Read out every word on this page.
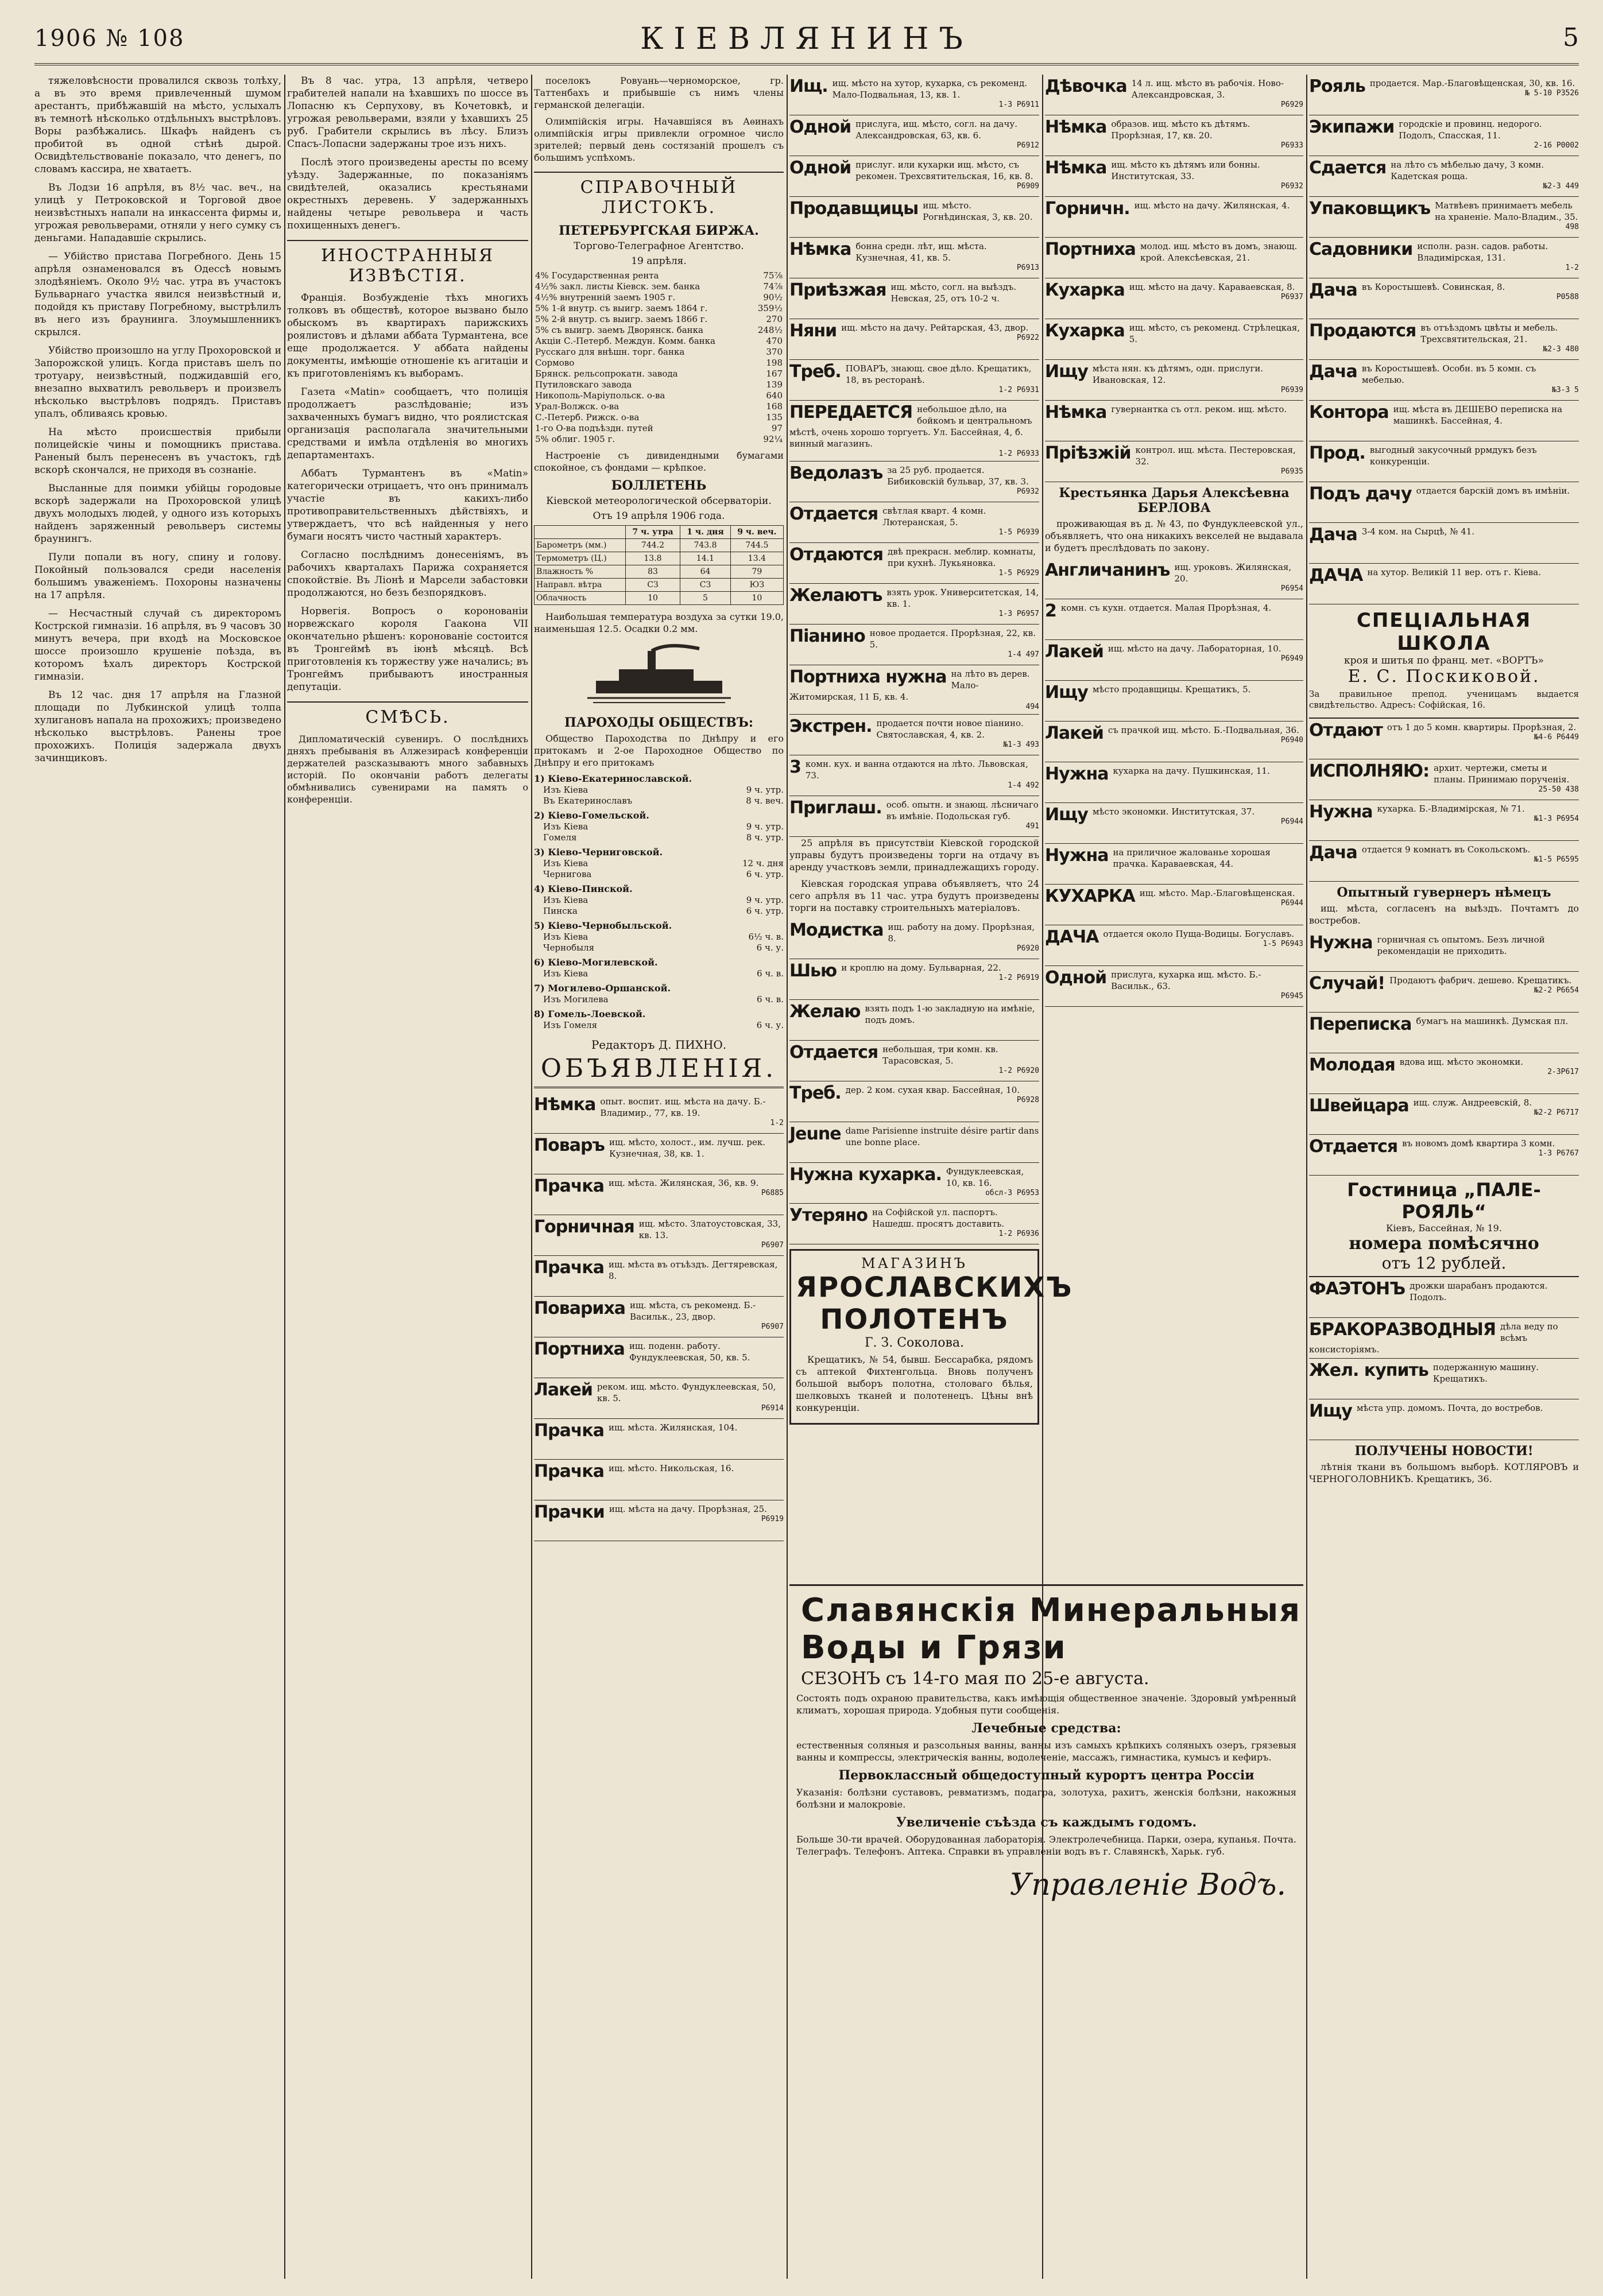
1906 № 108	КІЕВЛЯНИНЪ	5

тяжеловѣсности провалился сквозь толѣху, а въ это время привлеченный шумом арестантъ, прибѣжавшій на мѣсто, услыхалъ въ темнотѣ нѣсколько отдѣльныхъ выстрѣловъ. Воры разбѣжались. Шкафъ найденъ съ пробитой въ одной стѣнѣ дырой. Освидѣтельствованіе показало, что денегъ, по словамъ кассира, не хватаетъ.

Въ Лодзи 16 апрѣля, въ 8½ час. веч., на улицѣ у Петроковской и Торговой двое неизвѣстныхъ напали на инкассента фирмы и, угрожая револьверами, отняли у него сумку съ деньгами. Нападавшіе скрылись.

— Убійство пристава Погребного. День 15 апрѣля ознаменовался въ Одессѣ новымъ злодѣяніемъ. Около 9½ час. утра въ участокъ Бульварнаго участка явился неизвѣстный и, подойдя къ приставу Погребному, выстрѣлилъ въ него изъ браунинга. Злоумышленникъ скрылся.

Убійство произошло на углу Прохоровской и Запорожской улицъ. Когда приставъ шелъ по тротуару, неизвѣстный, поджидавшій его, внезапно выхватилъ револьверъ и произвелъ нѣсколько выстрѣловъ подрядъ. Приставъ упалъ, обливаясь кровью.

На мѣсто происшествія прибыли полицейскіе чины и помощникъ пристава. Раненый былъ перенесенъ въ участокъ, гдѣ вскорѣ скончался, не приходя въ сознаніе.

Высланные для поимки убійцы городовые вскорѣ задержали на Прохоровской улицѣ двухъ молодыхъ людей, у одного изъ которыхъ найденъ заряженный револьверъ системы браунингъ.

Пули попали въ ногу, спину и голову. Покойный пользовался среди населенія большимъ уваженіемъ. Похороны назначены на 17 апрѣля.

— Несчастный случай съ директоромъ Кострской гимназіи. 16 апрѣля, въ 9 часовъ 30 минутъ вечера, при входѣ на Московское шоссе произошло крушеніе поѣзда, въ которомъ ѣхалъ директоръ Кострской гимназіи.

Въ 12 час. дня 17 апрѣля на Глазной площади по Лубкинской улицѣ толпа хулигановъ напала на прохожихъ; произведено нѣсколько выстрѣловъ. Ранены трое прохожихъ. Полиція задержала двухъ зачинщиковъ.

Въ 8 час. утра, 13 апрѣля, четверо грабителей напали на ѣхавшихъ по шоссе въ Лопасню къ Серпухову, въ Кочетовкѣ, и угрожая револьверами, взяли у ѣхавшихъ 25 руб. Грабители скрылись въ лѣсу. Близъ Спасъ-Лопасни задержаны трое изъ нихъ.

Послѣ этого произведены аресты по всему уѣзду. Задержанные, по показаніямъ свидѣтелей, оказались крестьянами окрестныхъ деревень. У задержанныхъ найдены четыре револьвера и часть похищенныхъ денегъ.

ИНОСТРАННЫЯ ИЗВѢСТІЯ.

Франція. Возбужденіе тѣхъ многихъ толковъ въ обществѣ, которое вызвано было обыскомъ въ квартирахъ парижскихъ роялистовъ и дѣлами аббата Турмантена, все еще продолжается. У аббата найдены документы, имѣющіе отношеніе къ агитаціи и къ приготовленіямъ къ выборамъ.

Газета «Matin» сообщаетъ, что полиція продолжаетъ разслѣдованіе; изъ захваченныхъ бумагъ видно, что роялистская организація располагала значительными средствами и имѣла отдѣленія во многихъ департаментахъ.

Аббатъ Турмантенъ въ «Matin» категорически отрицаетъ, что онъ принималъ участіе въ какихъ-либо противоправительственныхъ дѣйствіяхъ, и утверждаетъ, что всѣ найденныя у него бумаги носятъ чисто частный характеръ.

Согласно послѣднимъ донесеніямъ, въ рабочихъ кварталахъ Парижа сохраняется спокойствіе. Въ Ліонѣ и Марсели забастовки продолжаются, но безъ безпорядковъ.

Норвегія. Вопросъ о коронованіи норвежскаго короля Гаакона VII окончательно рѣшенъ: коронованіе состоится въ Тронгеймѣ въ іюнѣ мѣсяцѣ. Всѣ приготовленія къ торжеству уже начались; въ Тронгеймъ прибываютъ иностранныя депутаціи.

СМѢСЬ.

Дипломатическій сувениръ. О послѣднихъ дняхъ пребыванія въ Алжезирасѣ конференціи держателей разсказываютъ много забавныхъ исторій. По окончаніи работъ делегаты обмѣнивались сувенирами на память о конференціи.

поселокъ Ровуань—черноморское, гр. Таттенбахъ и прибывшіе съ нимъ члены германской делегаціи.

Олимпійскія игры. Начавшіяся въ Аѳинахъ олимпійскія игры привлекли огромное число зрителей; первый день состязаній прошелъ съ большимъ успѣхомъ.

СПРАВОЧНЫЙ ЛИСТОКЪ.
ПЕТЕРБУРГСКАЯ БИРЖА.
Торгово-Телеграфное Агентство.
19 апрѣля.
4% Государственная рента	75⅞
4½% закл. листы Кіевск. зем. банка	74⅞
4½% внутренній заемъ 1905 г.	90½
5% 1-й внутр. съ выигр. заемъ 1864 г.	359½
5% 2-й внутр. съ выигр. заемъ 1866 г.	270
5% съ выигр. заемъ Дворянск. банка	248½
Акціи С.-Петерб. Междун. Комм. банка	470
Русскаго для внѣшн. торг. банка	370
Сормово	198
Брянск. рельсопрокатн. завода	167
Путиловскаго завода	139
Никополь-Маріупольск. о-ва	640
Урал-Волжск. о-ва	168
С.-Петерб. Рижск. о-ва	135
1-го О-ва подъѣздн. путей	97
5% облиг. 1905 г.	92¼

Настроеніе съ дивидендными бумагами спокойное, съ фондами — крѣпкое.

БОЛЛЕТЕНЬ
Кіевской метеорологической обсерваторіи.
Отъ 19 апрѣля 1906 года.
	7 ч. утра	1 ч. дня	9 ч. веч.
Барометръ (мм.)	744.2	743.8	744.5
Термометръ (Ц.)	13.8	14.1	13.4
Влажность %	83	64	79
Направл. вѣтра	СЗ	СЗ	ЮЗ
Облачность	10	5	10

Наибольшая температура воздуха за сутки 19.0, наименьшая 12.5. Осадки 0.2 мм.

ПАРОХОДЫ ОБЩЕСТВЪ:

Общество Пароходства по Днѣпру и его притокамъ и 2-ое Пароходное Общество по Днѣпру и его притокамъ

1) Кіево-Екатеринославской.
Изъ Кіева	9 ч. утр.
Въ Екатеринославъ	8 ч. веч.
2) Кіево-Гомельской.
Изъ Кіева	9 ч. утр.
Гомеля	8 ч. утр.
3) Кіево-Черниговской.
Изъ Кіева	12 ч. дня
Чернигова	6 ч. утр.
4) Кіево-Пинской.
Изъ Кіева	9 ч. утр.
Пинска	6 ч. утр.
5) Кіево-Чернобыльской.
Изъ Кіева	6½ ч. в.
Чернобыля	6 ч. у.
6) Кіево-Могилевской.
Изъ Кіева	6 ч. в.
7) Могилево-Оршанской.
Изъ Могилева	6 ч. в.
8) Гомель-Лоевской.
Изъ Гомеля	6 ч. у.
Редакторъ Д. ПИХНО.
ОБЪЯВЛЕНІЯ.
Нѣмка опыт. воспит. ищ. мѣста на дачу. Б.-Владимир., 77, кв. 19.
1-2
Поваръ ищ. мѣсто, холост., им. лучш. рек. Кузнечная, 38, кв. 1.
Прачка ищ. мѣста. Жилянская, 36, кв. 9.
Р6885
Горничная ищ. мѣсто. Златоустовская, 33, кв. 13.
Р6907
Прачка ищ. мѣста въ отъѣздъ. Дегтяревская, 8.
Повариха ищ. мѣста, съ рекоменд. Б.-Васильк., 23, двор.
Р6907
Портниха ищ. поденн. работу. Фундуклеевская, 50, кв. 5.
Лакей реком. ищ. мѣсто. Фундуклеевская, 50, кв. 5.
Р6914
Прачка ищ. мѣста. Жилянская, 104.
Прачка ищ. мѣсто. Никольская, 16.
Прачки ищ. мѣста на дачу. Прорѣзная, 25.
Р6919
Ищ. ищ. мѣсто на хутор, кухарка, съ рекоменд. Мало-Подвальная, 13, кв. 1.
1-3 Р6911
Одной прислуга, ищ. мѣсто, согл. на дачу. Александровская, 63, кв. 6.
Р6912
Одной прислуг. или кухарки ищ. мѣсто, съ рекомен. Трехсвятительская, 16, кв. 8.
Р6909
Продавщицы ищ. мѣсто. Рогнѣдинская, 3, кв. 20.
Нѣмка бонна средн. лѣт, ищ. мѣста. Кузнечная, 41, кв. 5.
Р6913
Приѣзжая ищ. мѣсто, согл. на выѣздъ. Невская, 25, отъ 10-2 ч.
Няни ищ. мѣсто на дачу. Рейтарская, 43, двор.
Р6922
Треб. ПОВАРЪ, знающ. свое дѣло. Крещатикъ, 18, въ ресторанѣ.
1-2 Р6931
ПЕРЕДАЕТСЯ небольшое дѣло, на бойкомъ и центральномъ мѣстѣ, очень хорошо торгуетъ. Ул. Бассейная, 4, б. винный магазинъ.
1-2 Р6933
Ведолазъ за 25 руб. продается. Бибиковскій бульвар, 37, кв. 3.
Р6932
Отдается свѣтлая кварт. 4 комн. Лютеранская, 5.
1-5 Р6939
Отдаются двѣ прекрасн. меблир. комнаты, при кухнѣ. Лукьяновка.
1-5 Р6929
Желаютъ взять урок. Университетская, 14, кв. 1.
1-3 Р6957
Піанино новое продается. Прорѣзная, 22, кв. 5.
1-4 497
Портниха нужна на лѣто въ дерев. Мало-Житомирская, 11 Б, кв. 4.
494
Экстрен. продается почти новое пiанино. Святославская, 4, кв. 2.
№1-3 493
3 комн. кух. и ванна отдаются на лѣто. Львовская, 73.
1-4 492
Приглаш. особ. опытн. и знающ. лѣсничаго въ имѣніе. Подольская губ.
491

25 апрѣля въ присутствіи Кіевской городской управы будутъ произведены торги на отдачу въ аренду участковъ земли, принадлежащихъ городу.

Кіевская городская управа объявляетъ, что 24 сего апрѣля въ 11 час. утра будутъ произведены торги на поставку строительныхъ матеріаловъ.

Модистка ищ. работу на дому. Прорѣзная, 8.
Р6920
Шью и кроплю на дому. Бульварная, 22.
1-2 Р6919
Желаю взять подъ 1-ю закладную на имѣніе, подъ домъ.
Отдается небольшая, три комн. кв. Тарасовская, 5.
1-2 Р6920
Треб. дер. 2 ком. сухая квар. Бассейная, 10.
Р6928
Jeune dame Parisienne instruite désire partir dans une bonne place.
Нужна кухарка. Фундуклеевская, 10, кв. 16.
обсл-3 Р6953
Утеряно на Софійской ул. паспортъ. Нашедш. просятъ доставить.
1-2 Р6936
МАГАЗИНЪ
ЯРОСЛАВСКИХЪ ПОЛОТЕНЪ
Г. З. Соколова.

Крещатикъ, № 54, бывш. Бессарабка, рядомъ съ аптекой Фихтенгольца. Вновь полученъ большой выборъ полотна, столоваго бѣлья, шелковыхъ тканей и полотенецъ. Цѣны внѣ конкуренціи.

Дѣвочка 14 л. ищ. мѣсто въ рабочія. Ново-Александровская, 3.
Р6929
Нѣмка образов. ищ. мѣсто къ дѣтямъ. Прорѣзная, 17, кв. 20.
Р6933
Нѣмка ищ. мѣсто къ дѣтямъ или бонны. Институтская, 33.
Р6932
Горничн. ищ. мѣсто на дачу. Жилянская, 4.
Портниха молод. ищ. мѣсто въ домъ, знающ. крой. Алексѣевская, 21.
Кухарка ищ. мѣсто на дачу. Караваевская, 8.
Р6937
Кухарка ищ. мѣсто, съ рекоменд. Стрѣлецкая, 5.
Ищу мѣста нян. къ дѣтямъ, одн. прислуги. Ивановская, 12.
Р6939
Нѣмка гувернантка съ отл. реком. ищ. мѣсто.
Пріѣзжій контрол. ищ. мѣста. Пестеровская, 32.
Р6935
Крестьянка Дарья Алексѣевна БЕРЛОВА

проживающая въ д. № 43, по Фундуклеевской ул., объявляетъ, что она никакихъ векселей не выдавала и будетъ преслѣдовать по закону.

Англичанинъ ищ. уроковъ. Жилянская, 20.
Р6954
2 комн. съ кухн. отдается. Малая Прорѣзная, 4.
Лакей ищ. мѣсто на дачу. Лабораторная, 10.
Р6949
Ищу мѣсто продавщицы. Крещатикъ, 5.
Лакей съ прачкой ищ. мѣсто. Б.-Подвальная, 36.
Р6940
Нужна кухарка на дачу. Пушкинская, 11.
Ищу мѣсто экономки. Институтская, 37.
Р6944
Нужна на приличное жалованье хорошая прачка. Караваевская, 44.
КУХАРКА ищ. мѣсто. Мар.-Благовѣщенская.
Р6944
ДАЧА отдается около Пуща-Водицы. Богуславъ.
1-5 Р6943
Одной прислуга, кухарка ищ. мѣсто. Б.-Васильк., 63.
Р6945
Рояль продается. Мар.-Благовѣщенская, 30, кв. 16.
№ 5-10 Р3526
Экипажи городскіе и провинц. недорого. Подолъ, Спасская, 11.
2-16 Р0002
Сдается на лѣто съ мѣбелью дачу, 3 комн. Кадетская роща.
№2-3 449
Упаковщикъ Матвѣевъ принимаетъ мебель на храненіе. Мало-Владим., 35.
498
Садовники исполн. разн. садов. работы. Владимірская, 131.
1-2
Дача въ Коростышевѣ. Совинская, 8.
Р0588
Продаются въ отъѣздомъ цвѣты и мебель. Трехсвятительская, 21.
№2-3 480
Дача въ Коростышевѣ. Особн. въ 5 комн. съ мебелью.
№3-3 5
Контора ищ. мѣста въ ДЕШЕВО переписка на машинкѣ. Бассейная, 4.
Прод. выгодный закусочный ррмдукъ безъ конкуренціи.
Подъ дачу отдается барскій домъ въ имѣніи.
Дача 3-4 ком. на Сырцѣ, № 41.
ДАЧА на хутор. Великій 11 вер. отъ г. Кіева.
СПЕЦІАЛЬНАЯ ШКОЛА
кроя и шитья по франц. мет. «ВОРТЪ»
Е. С. Поскиковой.

За правильное препод. ученицамъ выдается свидѣтельство. Адресъ: Софійская, 16.

Отдают отъ 1 до 5 комн. квартиры. Прорѣзная, 2.
№4-6 Р6449
ИСПОЛНЯЮ: архит. чертежи, сметы и планы. Принимаю порученія.
25-50 438
Нужна кухарка. Б.-Владимірская, № 71.
№1-3 Р6954
Дача отдается 9 комнатъ въ Сокольскомъ.
№1-5 Р6595
Опытный гувернеръ нѣмецъ

ищ. мѣста, согласенъ на выѣздъ. Почтамтъ до востребов.

Нужна горничная съ опытомъ. Безъ личной рекомендаціи не приходить.
Случай! Продаютъ фабрич. дешево. Крещатикъ.
№2-2 Р6654
Переписка бумагъ на машинкѣ. Думская пл.
Молодая вдова ищ. мѣсто экономки.
2-3Р617
Швейцара ищ. служ. Андреевскій, 8.
№2-2 Р6717
Отдается въ новомъ домѣ квартира 3 комн.
1-3 Р6767
Гостиница „ПАЛЕ-РОЯЛЬ“
Кіевъ, Бассейная, № 19.
номера помѣсячно
отъ 12 рублей.
ФАЭТОНЪ дрожки шарабанъ продаются. Подолъ.
БРАКОРАЗВОДНЫЯ дѣла веду по всѣмъ консисторіямъ.
Жел. купить подержанную машину. Крещатикъ.
Ищу мѣста упр. домомъ. Почта, до востребов.
ПОЛУЧЕНЫ НОВОСТИ!

лѣтнія ткани въ большомъ выборѣ. КОТЛЯРОВЪ и ЧЕРНОГОЛОВНИКЪ. Крещатикъ, 36.

Славянскія Минеральныя Воды и Грязи
СЕЗОНЪ съ 14-го мая по 25-е августа.

Состоять подъ охраною правительства, какъ имѣющія общественное значеніе. Здоровый умѣренный климатъ, хорошая природа. Удобныя пути сообщенія.

Лечебные средства:

естественныя соляныя и разсольныя ванны, ванны изъ самыхъ крѣпкихъ соляныхъ озеръ, грязевыя ванны и компрессы, электрическія ванны, водолеченіе, массажъ, гимнастика, кумысъ и кефиръ.

Первоклассный общедоступный курортъ центра Россіи

Указанія: болѣзни суставовъ, ревматизмъ, подагра, золотуха, рахитъ, женскія болѣзни, накожныя болѣзни и малокровіе.

Увеличеніе съѣзда съ каждымъ годомъ.

Больше 30-ти врачей. Оборудованная лабораторія. Электролечебница. Парки, озера, купанья. Почта. Телеграфъ. Телефонъ. Аптека. Справки въ управленіи водъ въ г. Славянскѣ, Харьк. губ.

Управленіе Водъ.
